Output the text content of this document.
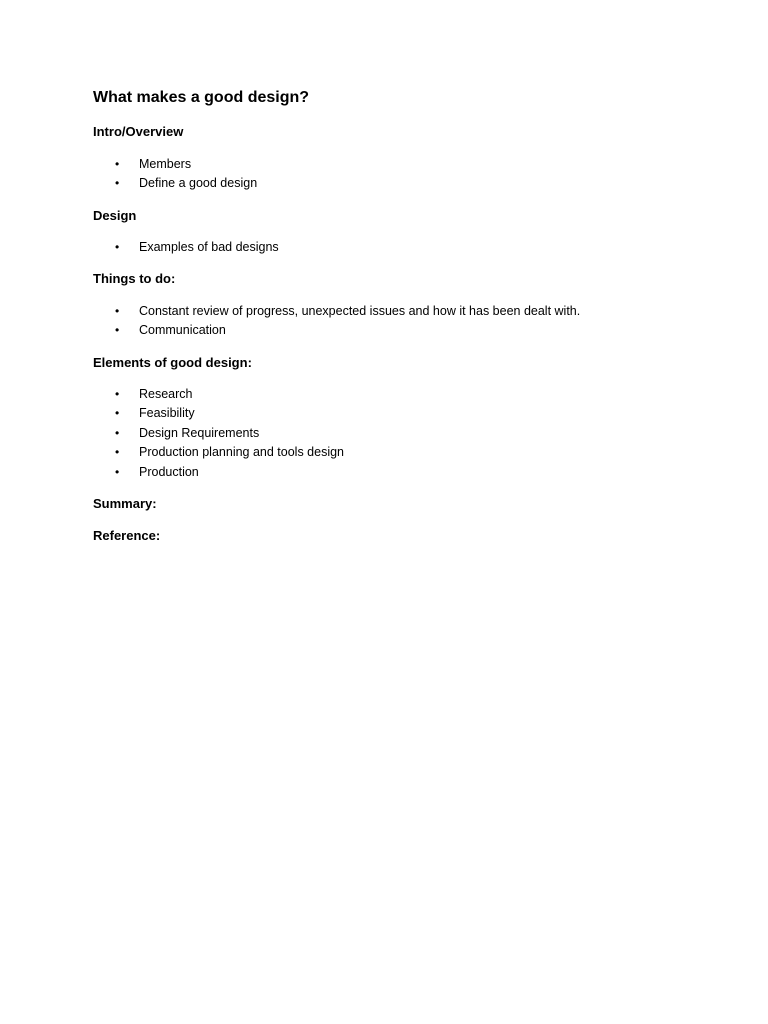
What makes a good design?
Intro/Overview
• Members
• Define a good design
Design
• Examples of bad designs
Things to do:
• Constant review of progress, unexpected issues and how it has been dealt with.
• Communication
Elements of good design:
• Research
• Feasibility
• Design Requirements
• Production planning and tools design
• Production
Summary:
Reference:
